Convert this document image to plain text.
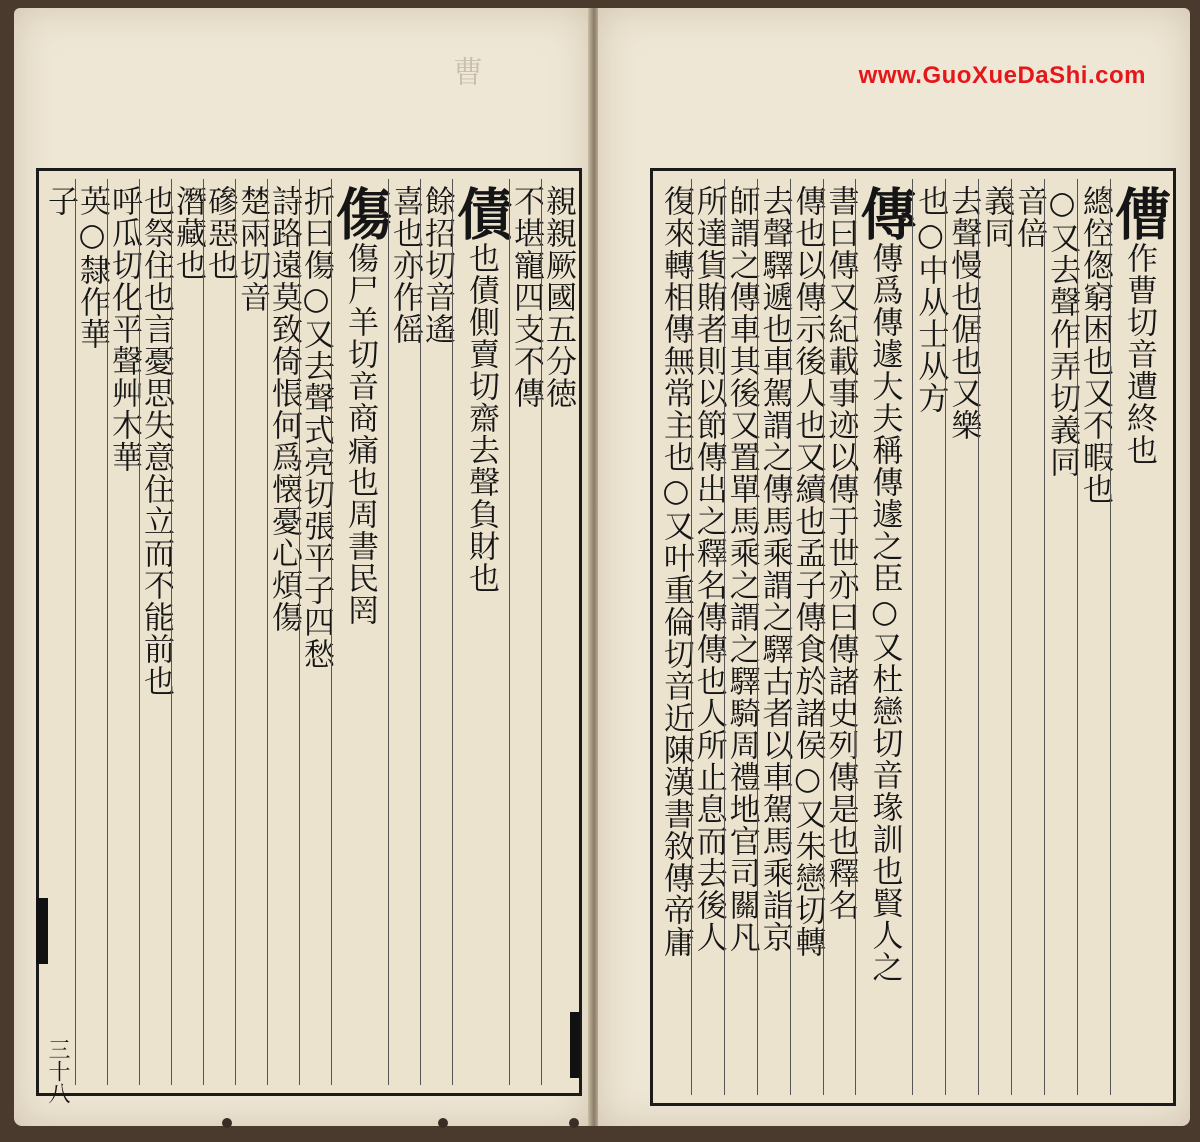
曹
親親厥國五分徳
不堪寵四支不傳
債也債側賣切齋去聲負財也
餘招切音遙
喜也亦作傜
傷傷尸羊切音商痛也周書民罔
折曰傷○又去聲式亮切張平子四愁
詩路遠莫致倚悵何爲懐憂心煩傷
楚兩切音
磣惡也
潛藏也
也祭住也言憂思失意住立而不能前也
呼瓜切化平聲艸木華
英○隸作華
子
三十八
www.GuoXueDaShi.com
傮作曹切音遭終也
總倥偬窮困也又不暇也
○又去聲作弄切義同
音倍
義同
去聲慢也倨也又樂
也○中从士从方
傳傳爲傳遽大夫稱傳遽之臣○又杜戀切音瑑訓也賢人之
書曰傳又紀載事迹以傳于世亦曰傳諸史列傳是也釋名
傳也以傳示後人也又續也孟子傳食於諸侯○又朱戀切轉
去聲驛遞也車駕謂之傳馬乘謂之驛古者以車駕馬乘詣京
師謂之傳車其後又置單馬乘之謂之驛騎周禮地官司關凡
所達貨賄者則以節傳出之釋名傳傳也人所止息而去後人
復來轉相傳無常主也○又叶重倫切音近陳漢書敘傳帝庸
